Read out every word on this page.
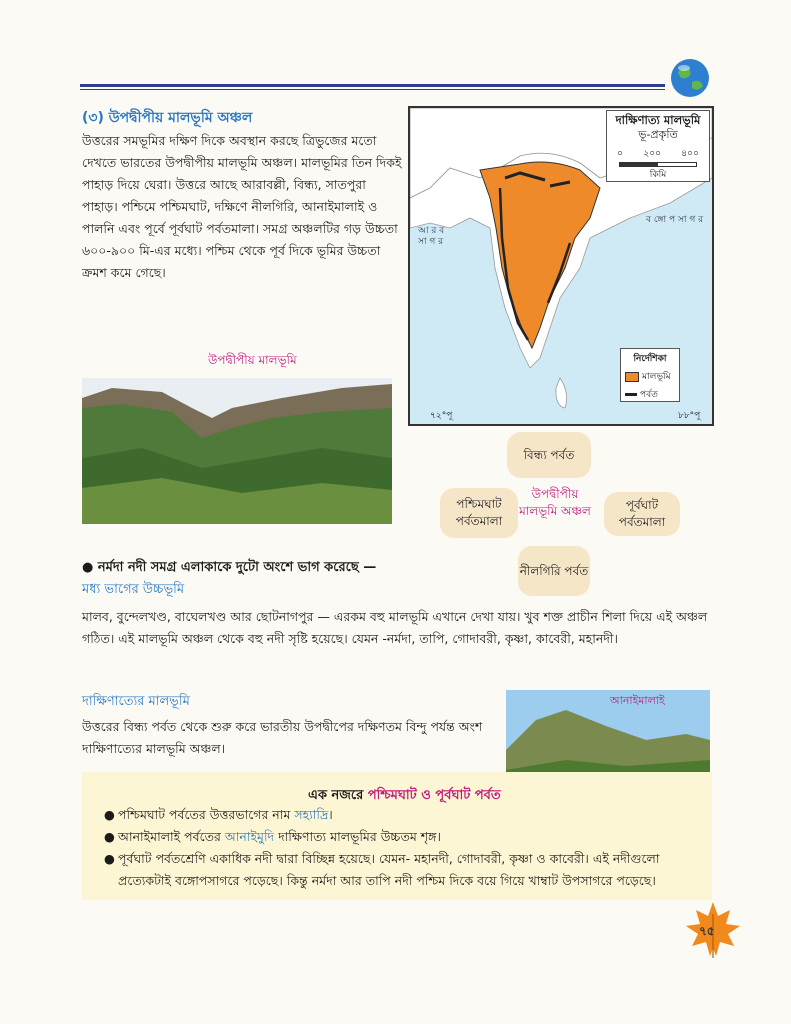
(৩) উপদ্বীপীয় মালভূমি অঞ্চল
উত্তরের সমভূমির দক্ষিণ দিকে অবস্থান করছে ত্রিভুজের মতো দেখতে ভারতের উপদ্বীপীয় মালভূমি অঞ্চল। মালভূমির তিন দিকই পাহাড় দিয়ে ঘেরা। উত্তরে আছে আরাবল্লী, বিন্ধ্য, সাতপুরা পাহাড়। পশ্চিমে পশ্চিমঘাট, দক্ষিণে নীলগিরি, আনাইমালাই ও পালনি এবং পূর্বে পূর্বঘাট পর্বতমালা। সমগ্র অঞ্চলটির গড় উচ্চতা ৬০০-৯০০ মি-এর মধ্যে। পশ্চিম থেকে পূর্ব দিকে ভূমির উচ্চতা ক্রমশ কমে গেছে।
দাক্ষিণাত্য মালভূমি
ভূ-প্রকৃতি
০ ২০০ ৪০০
কিমি
ব ঙ্গো প সা গ র
আ র ব সা গ র
নির্দেশিকা
মালভূমি
পর্বত
৭২°পূ	৮৮°পূ
উপদ্বীপীয় মালভূমি
বিন্ধ্য পর্বত
পশ্চিমঘাট পর্বতমালা
পূর্বঘাট পর্বতমালা
নীলগিরি পর্বত
উপদ্বীপীয় মালভূমি অঞ্চল
● নর্মদা নদী সমগ্র এলাকাকে দুটো অংশে ভাগ করেছে —
মধ্য ভাগের উচ্চভূমি
মালব, বুন্দেলখণ্ড, বাঘেলখণ্ড আর ছোটনাগপুর — এরকম বহু মালভূমি এখানে দেখা যায়। খুব শক্ত প্রাচীন শিলা দিয়ে এই অঞ্চল গঠিত। এই মালভূমি অঞ্চল থেকে বহু নদী সৃষ্টি হয়েছে। যেমন -নর্মদা, তাপি, গোদাবরী, কৃষ্ণা, কাবেরী, মহানদী।
দাক্ষিণাত্যের মালভূমি
উত্তরের বিন্ধ্য পর্বত থেকে শুরু করে ভারতীয় উপদ্বীপের দক্ষিণতম বিন্দু পর্যন্ত অংশ দাক্ষিণাত্যের মালভূমি অঞ্চল।
আনাইমালাই
এক নজরে পশ্চিমঘাট ও পূর্বঘাট পর্বত
● পশ্চিমঘাট পর্বতের উত্তরভাগের নাম সহ্যাদ্রি।
● আনাইমালাই পর্বতের আনাইমুদি দাক্ষিণাত্য মালভূমির উচ্চতম শৃঙ্গ।
● পূর্বঘাট পর্বতশ্রেণি একাধিক নদী দ্বারা বিচ্ছিন্ন হয়েছে। যেমন- মহানদী, গোদাবরী, কৃষ্ণা ও কাবেরী। এই নদীগুলো প্রত্যেকটাই বঙ্গোপসাগরে পড়েছে। কিন্তু নর্মদা আর তাপি নদী পশ্চিম দিকে বয়ে গিয়ে খাম্বাট উপসাগরে পড়েছে।
৭৫
